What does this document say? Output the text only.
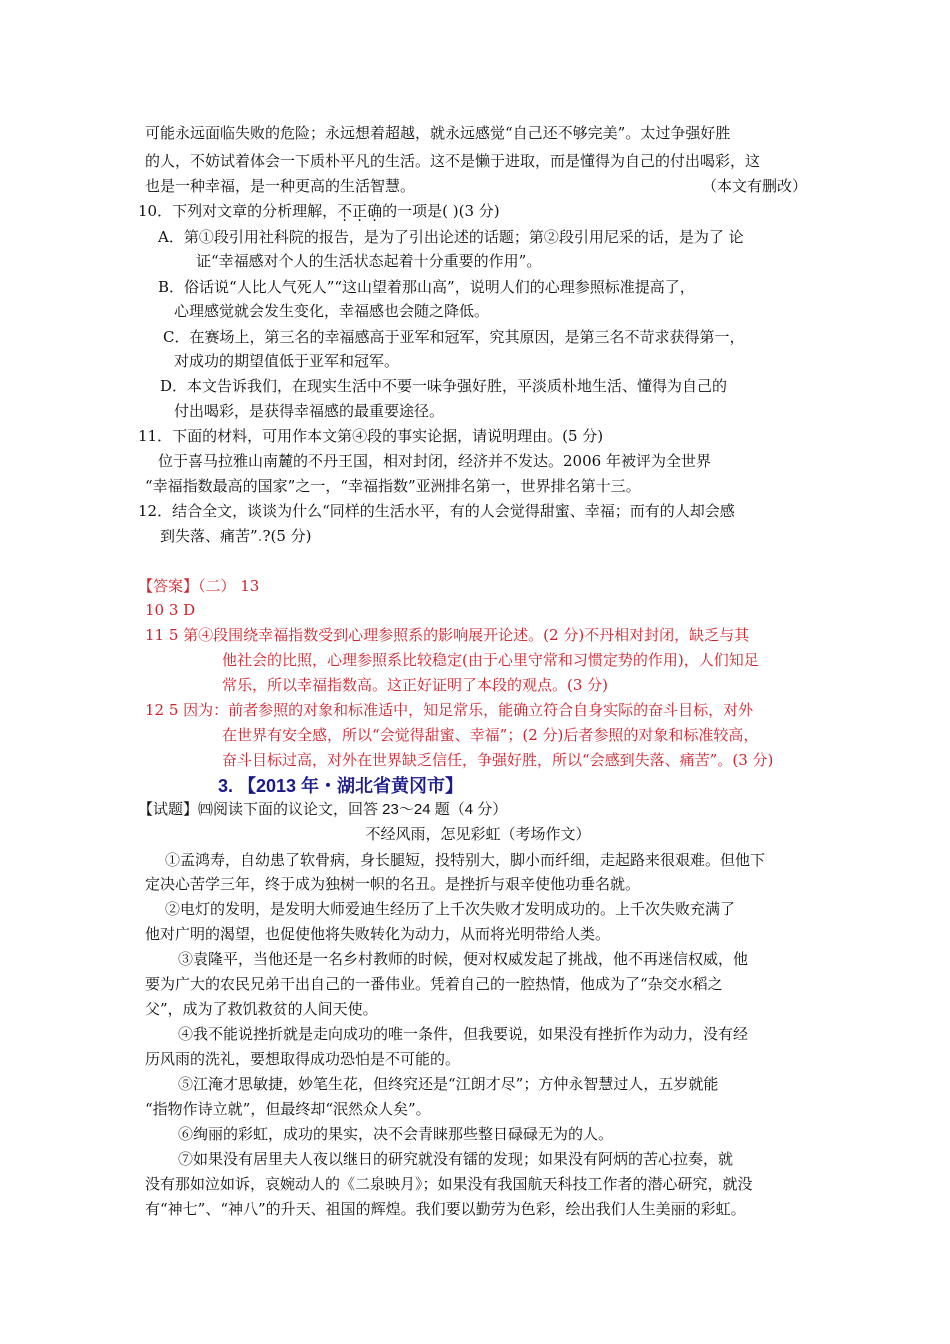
可能永远面临失败的危险；永远想着超越，就永远感觉“自己还不够完美”。太过争强好胜
的人，不妨试着体会一下质朴平凡的生活。这不是懒于进取，而是懂得为自己的付出喝彩，这
也是一种幸福，是一种更高的生活智慧。	（本文有删改）
10．下列对文章的分析理解，不正确的一项是( )(3 分)
A．第①段引用社科院的报告，是为了引出论述的话题；第②段引用尼采的话，是为了 论
证“幸福感对个人的生活状态起着十分重要的作用”。
B．俗话说“人比人气死人”“这山望着那山高”，说明人们的心理参照标准提高了，
心理感觉就会发生变化，幸福感也会随之降低。
C．在赛场上，第三名的幸福感高于亚军和冠军，究其原因，是第三名不苛求获得第一，
对成功的期望值低于亚军和冠军。
D．本文告诉我们，在现实生活中不要一味争强好胜，平淡质朴地生活、懂得为自己的
付出喝彩，是获得幸福感的最重要途径。
11．下面的材料，可用作本文第④段的事实论据，请说明理由。(5 分)
位于喜马拉雅山南麓的不丹王国，相对封闭，经济并不发达。2006 年被评为全世界
“幸福指数最高的国家”之一，“幸福指数”亚洲排名第一，世界排名第十三。
12．结合全文，谈谈为什么“同样的生活水平，有的人会觉得甜蜜、幸福；而有的人却会感
到失落、痛苦”.?(5 分)
【答案】（二） 13
10 3 D
11 5 第④段围绕幸福指数受到心理参照系的影响展开论述。(2 分)不丹相对封闭，缺乏与其
他社会的比照，心理参照系比较稳定(由于心里守常和习惯定势的作用)，人们知足
常乐，所以幸福指数高。这正好证明了本段的观点。(3 分)
12 5 因为：前者参照的对象和标准适中，知足常乐，能确立符合自身实际的奋斗目标，对外
在世界有安全感，所以“会觉得甜蜜、幸福”；(2 分)后者参照的对象和标准较高，
奋斗目标过高，对外在世界缺乏信任，争强好胜，所以“会感到失落、痛苦”。(3 分)
3. 【2013 年・湖北省黄冈市】
【试题】㈣阅读下面的议论文，回答 23～24 题（4 分）
不经风雨，怎见彩虹（考场作文）
①孟鸿寿，自幼患了软骨病，身长腿短，投特别大，脚小而纤细，走起路来很艰难。但他下
定决心苦学三年，终于成为独树一帜的名丑。是挫折与艰辛使他功垂名就。
②电灯的发明，是发明大师爱迪生经历了上千次失败才发明成功的。上千次失败充满了
他对广明的渴望，也促使他将失败转化为动力，从而将光明带给人类。
③袁隆平，当他还是一名乡村教师的时候，便对权威发起了挑战，他不再迷信权威，他
要为广大的农民兄弟干出自己的一番伟业。凭着自己的一腔热情，他成为了“杂交水稻之
父”，成为了救饥救贫的人间天使。
④我不能说挫折就是走向成功的唯一条件，但我要说，如果没有挫折作为动力，没有经
历风雨的洗礼，要想取得成功恐怕是不可能的。
⑤江淹才思敏捷，妙笔生花，但终究还是“江朗才尽”；方仲永智慧过人，五岁就能
“指物作诗立就”，但最终却“泯然众人矣”。
⑥绚丽的彩虹，成功的果实，决不会青睐那些整日碌碌无为的人。
⑦如果没有居里夫人夜以继日的研究就没有镭的发现；如果没有阿炳的苦心拉奏，就
没有那如泣如诉，哀婉动人的《二泉映月》；如果没有我国航天科技工作者的潜心研究，就没
有“神七”、“神八”的升天、祖国的辉煌。我们要以勤劳为色彩，绘出我们人生美丽的彩虹。
